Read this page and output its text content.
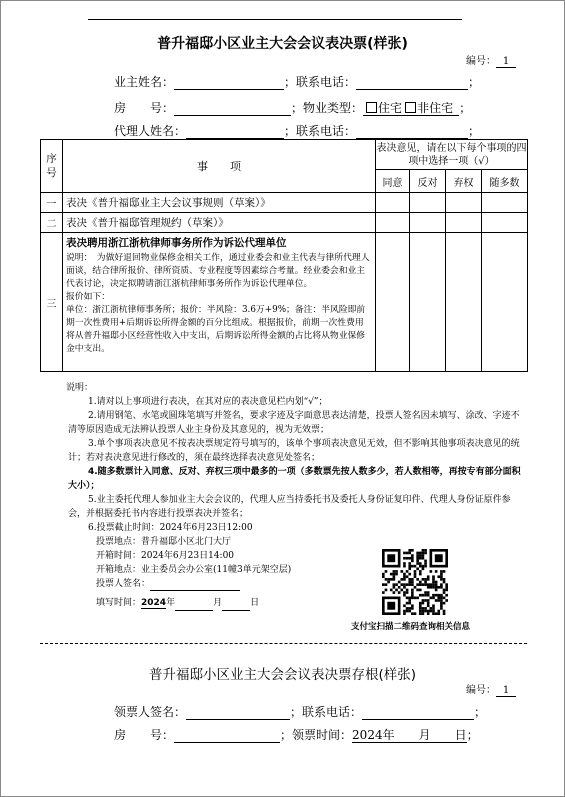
普升福邸小区业主大会会议表决票(样张)
编号： 1
业主姓名：	；联系电话：	；
房　　号：	；物业类型： 住宅 非住宅 ；
代理人姓名：	；联系电话：	；
序号	事　　项	表决意见，请在以下每个事项的四项中选择一项（√）			
		同意	反对	弃权	随多数
一	表决《普升福邸业主大会议事规则（草案）》				
二	表决《普升福邸管理规约（草案）》				
三	表决聘用浙江浙杭律师事务所作为诉讼代理单位
说明：　为做好退回物业保修金相关工作，通过业委会和业主代表与律所代理人面谈，结合律所报价、律所资质、专业程度等因素综合考量。经业委会和业主代表讨论，决定拟聘请浙江浙杭律师事务所作为诉讼代理单位。
报价如下：
单位：浙江浙杭律师事务所；报价：半风险：3.6万+9%；备注：半风险即前期一次性费用+后期诉讼所得金额的百分比组成。根据报价，前期一次性费用将从普升福邸小区经营性收入中支出，后期诉讼所得金额的占比将从物业保修金中支出。				

说明：

1.请对以上事项进行表决，在其对应的表决意见栏内划“√”；

2.请用钢笔、水笔或圆珠笔填写并签名，要求字迹及字面意思表达清楚，投票人签名因未填写、涂改、字迹不清等原因造成无法辨认投票人业主身份及其意见的，视为无效票；

3.单个事项表决意见不按表决票规定符号填写的，该单个事项表决意见无效，但不影响其他事项表决意见的统计；若对表决意见进行修改的，须在最终选择表决意见处签名；

4.随多数票计入同意、反对、弃权三项中最多的一项（多数票先按人数多少，若人数相等，再按专有部分面积大小）；

5.业主委托代理人参加业主大会会议的，代理人应当持委托书及委托人身份证复印件、代理人身份证原件参会，并根据委托书内容进行投票表决并签名；

6.投票截止时间：2024年6月23日12:00

投票地点：普升福邸小区北门大厅

开箱时间：2024年6月23日14:00

开箱地点：业主委员会办公室(11幢3单元架空层)

投票人签名：

填写时间：2024年	月	日

支付宝扫描二维码查询相关信息
普升福邸小区业主大会会议表决票存根(样张)
编号： 1
领票人签名：	；联系电话：	；
房　　号：	；领票时间：2024年 月 日；
